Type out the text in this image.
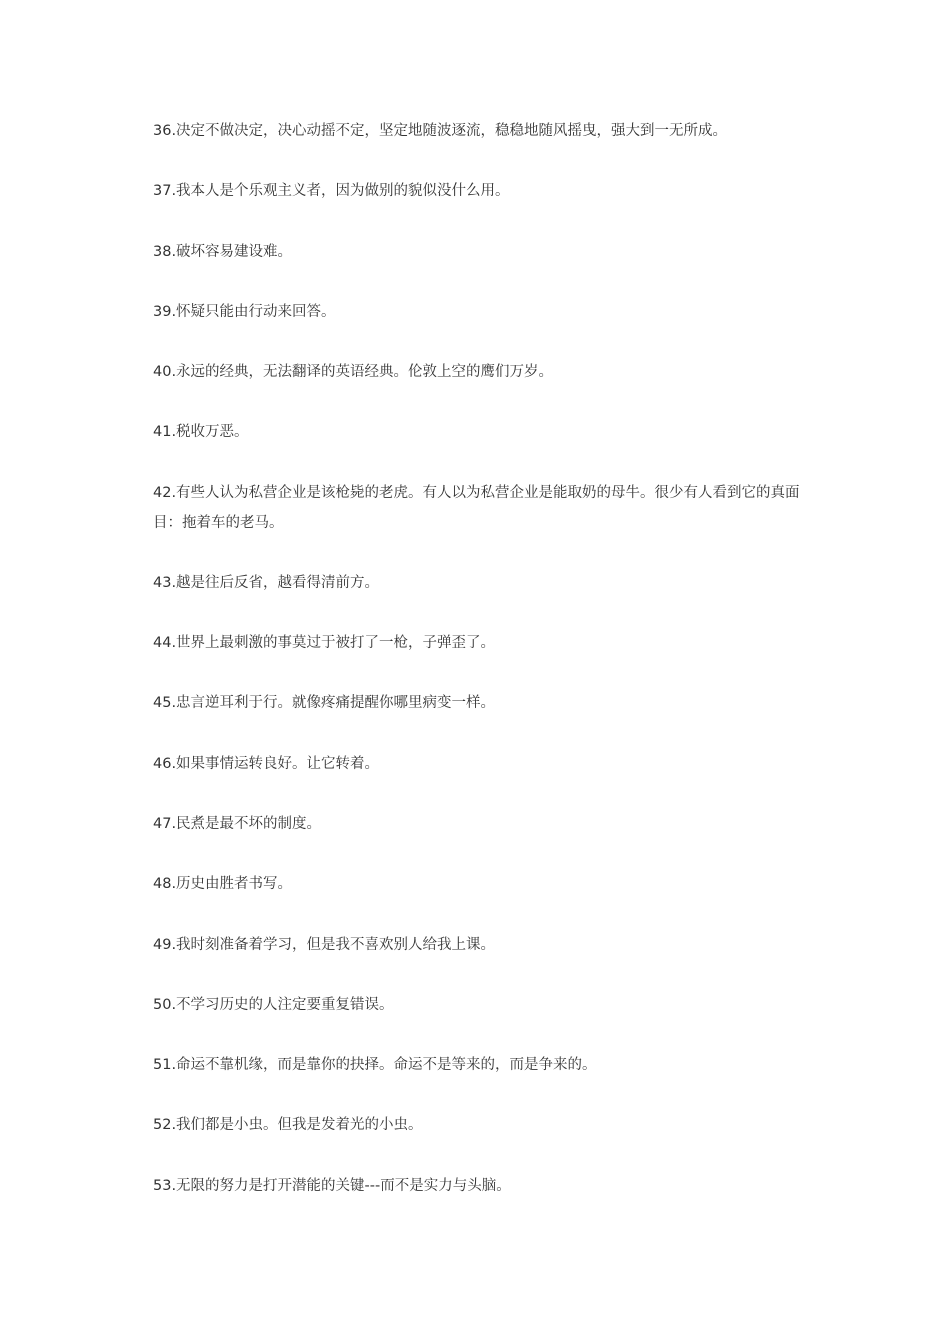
36.决定不做决定，决心动摇不定，坚定地随波逐流，稳稳地随风摇曳，强大到一无所成。

37.我本人是个乐观主义者，因为做别的貌似没什么用。

38.破坏容易建设难。

39.怀疑只能由行动来回答。

40.永远的经典，无法翻译的英语经典。伦敦上空的鹰们万岁。

41.税收万恶。

42.有些人认为私营企业是该枪毙的老虎。有人以为私营企业是能取奶的母牛。很少有人看到它的真面目：拖着车的老马。

43.越是往后反省，越看得清前方。

44.世界上最刺激的事莫过于被打了一枪，子弹歪了。

45.忠言逆耳利于行。就像疼痛提醒你哪里病变一样。

46.如果事情运转良好。让它转着。

47.民煮是最不坏的制度。

48.历史由胜者书写。

49.我时刻准备着学习，但是我不喜欢别人给我上课。

50.不学习历史的人注定要重复错误。

51.命运不靠机缘，而是靠你的抉择。命运不是等来的，而是争来的。

52.我们都是小虫。但我是发着光的小虫。

53.无限的努力是打开潜能的关键---而不是实力与头脑。
